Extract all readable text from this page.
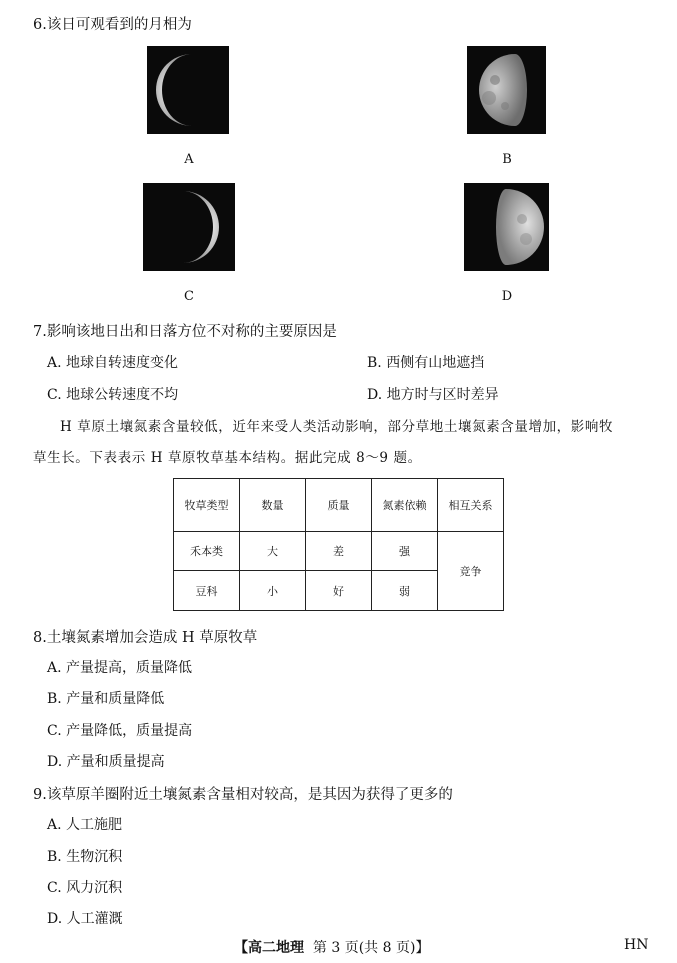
6.该日可观看到的月相为
A	B
C	D
7.影响该地日出和日落方位不对称的主要原因是
A. 地球自转速度变化	B. 西侧有山地遮挡
C. 地球公转速度不均	D. 地方时与区时差异
H 草原土壤氮素含量较低，近年来受人类活动影响，部分草地土壤氮素含量增加，影响牧
草生长。下表表示 H 草原牧草基本结构。据此完成 8～9 题。
牧草类型	数量	质量	氮素依赖	相互关系
禾本类	大	差	强	竞争
豆科	小	好	弱	
8.土壤氮素增加会造成 H 草原牧草
A. 产量提高，质量降低
B. 产量和质量降低
C. 产量降低，质量提高
D. 产量和质量提高
9.该草原羊圈附近土壤氮素含量相对较高，是其因为获得了更多的
A. 人工施肥
B. 生物沉积
C. 风力沉积
D. 人工灌溉
【高二地理 第 3 页(共 8 页)】	HN
